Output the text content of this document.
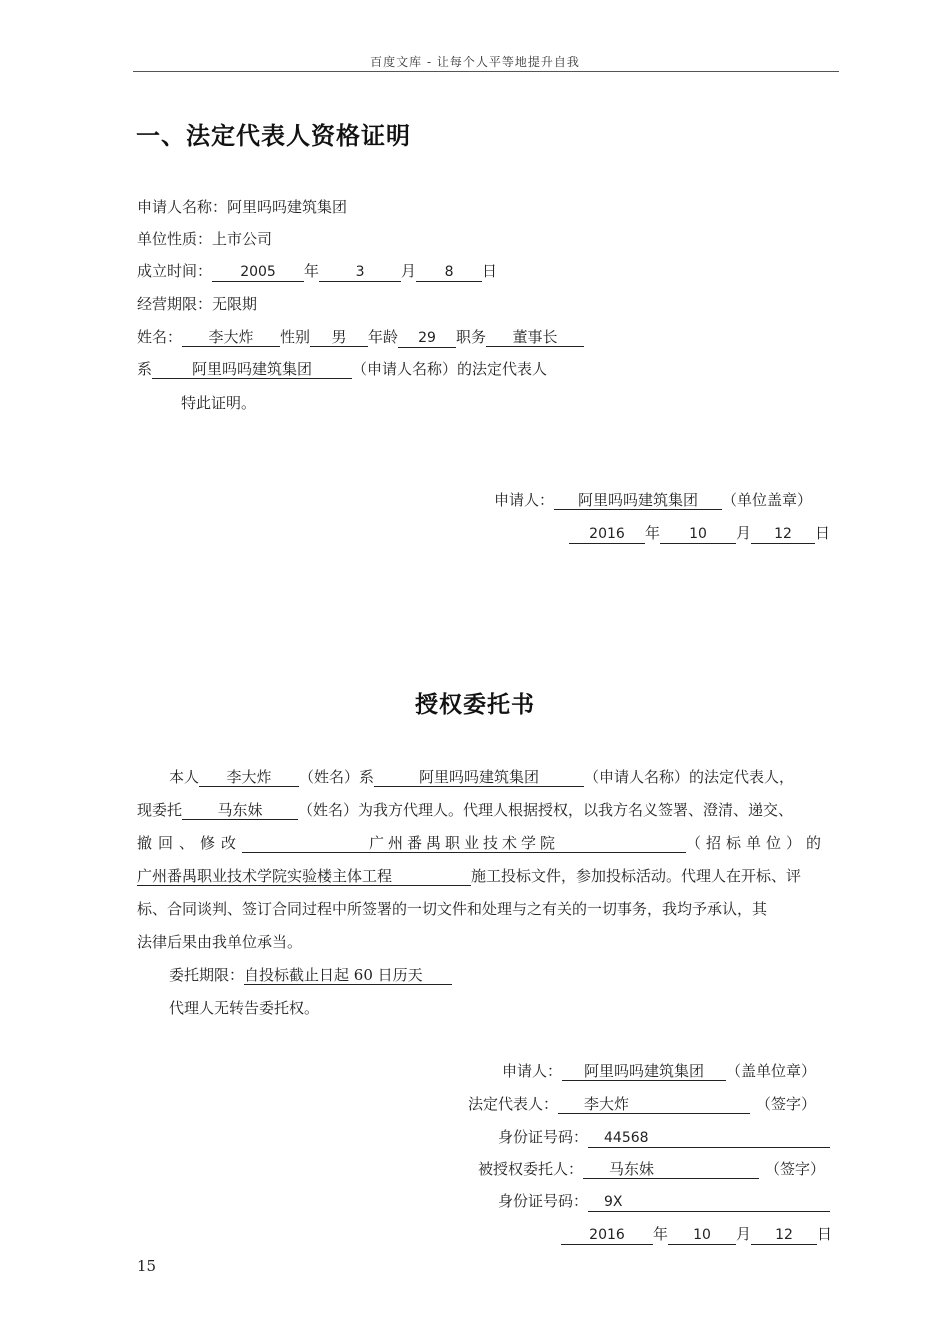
百度文库 - 让每个人平等地提升自我
一、法定代表人资格证明
申请人名称：阿里吗吗建筑集团
单位性质：上市公司
成立时间： 2005 年	3 月 8 日
经营期限：无限期
姓名： 李大炸 性别 男 年龄 29 职务 董事长
系	阿里吗吗建筑集团	（申请人名称）的法定代表人
特此证明。
申请人： 阿里吗吗建筑集团 （单位盖章）
2016 年 10 月 12 日
授权委托书
本人 李大炸 （姓名）系	阿里吗吗建筑集团	（申请人名称）的法定代表人，
现委托 马东妹 （姓名）为我方代理人。代理人根据授权，以我方名义签署、澄清、递交、
撤回、修改	广州番禺职业技术学院	（招标单位）的
广州番禺职业技术学院实验楼主体工程	施工投标文件，参加投标活动。代理人在开标、评
标、合同谈判、签订合同过程中所签署的一切文件和处理与之有关的一切事务，我均予承认，其
法律后果由我单位承当。
委托期限：自投标截止日起 60 日历天
代理人无转告委托权。
申请人： 阿里吗吗建筑集团 （盖单位章）
法定代表人： 李大炸	（签字）
身份证号码： 44568
被授权委托人： 马东妹	（签字）
身份证号码： 9X
2016 年 10 月 12 日
15
